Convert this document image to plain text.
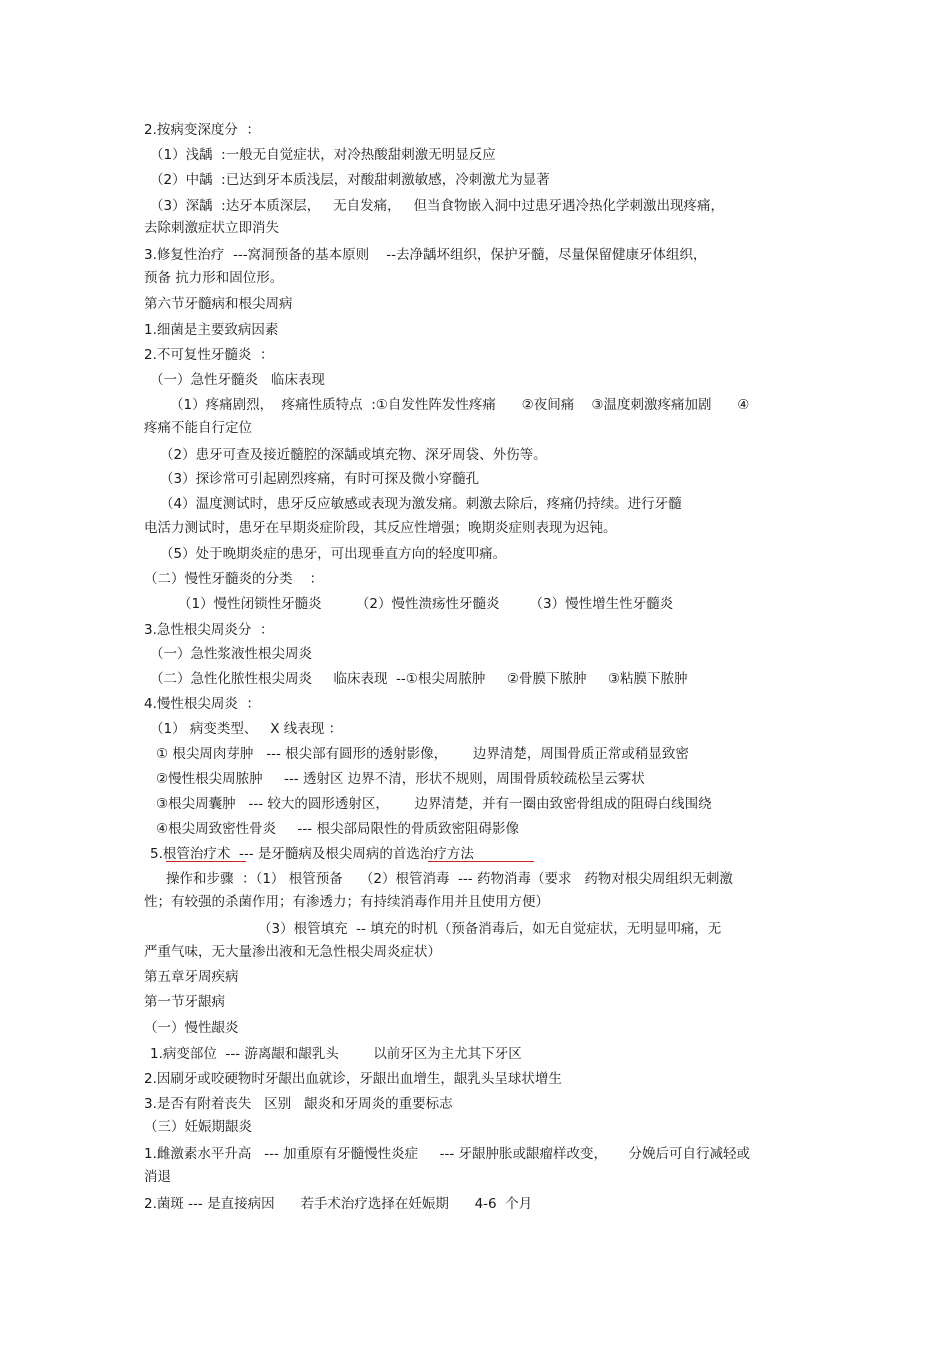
2.按病变深度分  ：
（1）浅龋  :一般无自觉症状，对冷热酸甜刺激无明显反应
（2）中龋  :已达到牙本质浅层，对酸甜刺激敏感，冷刺激尤为显著
（3）深龋  :达牙本质深层，   无自发痛，   但当食物嵌入洞中过患牙遇冷热化学刺激出现疼痛，
去除刺激症状立即消失
3.修复性治疗  ---窝洞预备的基本原则    --去净龋坏组织，保护牙髓，尽量保留健康牙体组织，
预备 抗力形和固位形。
第六节牙髓病和根尖周病
1.细菌是主要致病因素
2.不可复性牙髓炎  ：
（一）急性牙髓炎   临床表现
（1）疼痛剧烈，  疼痛性质特点  :①自发性阵发性疼痛      ②夜间痛    ③温度刺激疼痛加剧      ④
疼痛不能自行定位
（2）患牙可查及接近髓腔的深龋或填充物、深牙周袋、外伤等。
（3）探诊常可引起剧烈疼痛，有时可探及微小穿髓孔
（4）温度测试时，患牙反应敏感或表现为激发痛。刺激去除后，疼痛仍持续。进行牙髓
电活力测试时，患牙在早期炎症阶段，其反应性增强；晚期炎症则表现为迟钝。
（5）处于晚期炎症的患牙，可出现垂直方向的轻度叩痛。
（二）慢性牙髓炎的分类    ：
（1）慢性闭锁性牙髓炎        （2）慢性溃疡性牙髓炎       （3）慢性增生性牙髓炎
3.急性根尖周炎分  ：
（一）急性浆液性根尖周炎
（二）急性化脓性根尖周炎     临床表现  --①根尖周脓肿     ②骨膜下脓肿     ③粘膜下脓肿
4.慢性根尖周炎  ：
（1） 病变类型、   X 线表现 ：
① 根尖周肉芽肿   --- 根尖部有圆形的透射影像，      边界清楚，周围骨质正常或稍显致密
②慢性根尖周脓肿     --- 透射区 边界不清，形状不规则，周围骨质较疏松呈云雾状
③根尖周囊肿   --- 较大的圆形透射区，      边界清楚，并有一圈由致密骨组成的阻碍白线围绕
④根尖周致密性骨炎     --- 根尖部局限性的骨质致密阻碍影像
5.根管治疗术  --- 是牙髓病及根尖周病的首选治疗方法
操作和步骤  ：（1） 根管预备    （2）根管消毒  --- 药物消毒（要求   药物对根尖周组织无刺激
性；有较强的杀菌作用；有渗透力；有持续消毒作用并且使用方便）
（3）根管填充  -- 填充的时机（预备消毒后，如无自觉症状，无明显叩痛，无
严重气味，无大量渗出液和无急性根尖周炎症状）
第五章牙周疾病
第一节牙龈病
（一）慢性龈炎
1.病变部位  --- 游离龈和龈乳头        以前牙区为主尤其下牙区
2.因刷牙或咬硬物时牙龈出血就诊，牙龈出血增生，龈乳头呈球状增生
3.是否有附着丧失   区别   龈炎和牙周炎的重要标志
（三）妊娠期龈炎
1.雌激素水平升高   --- 加重原有牙髓慢性炎症     --- 牙龈肿胀或龈瘤样改变，     分娩后可自行减轻或
消退
2.菌斑 --- 是直接病因      若手术治疗选择在妊娠期      4-6  个月
